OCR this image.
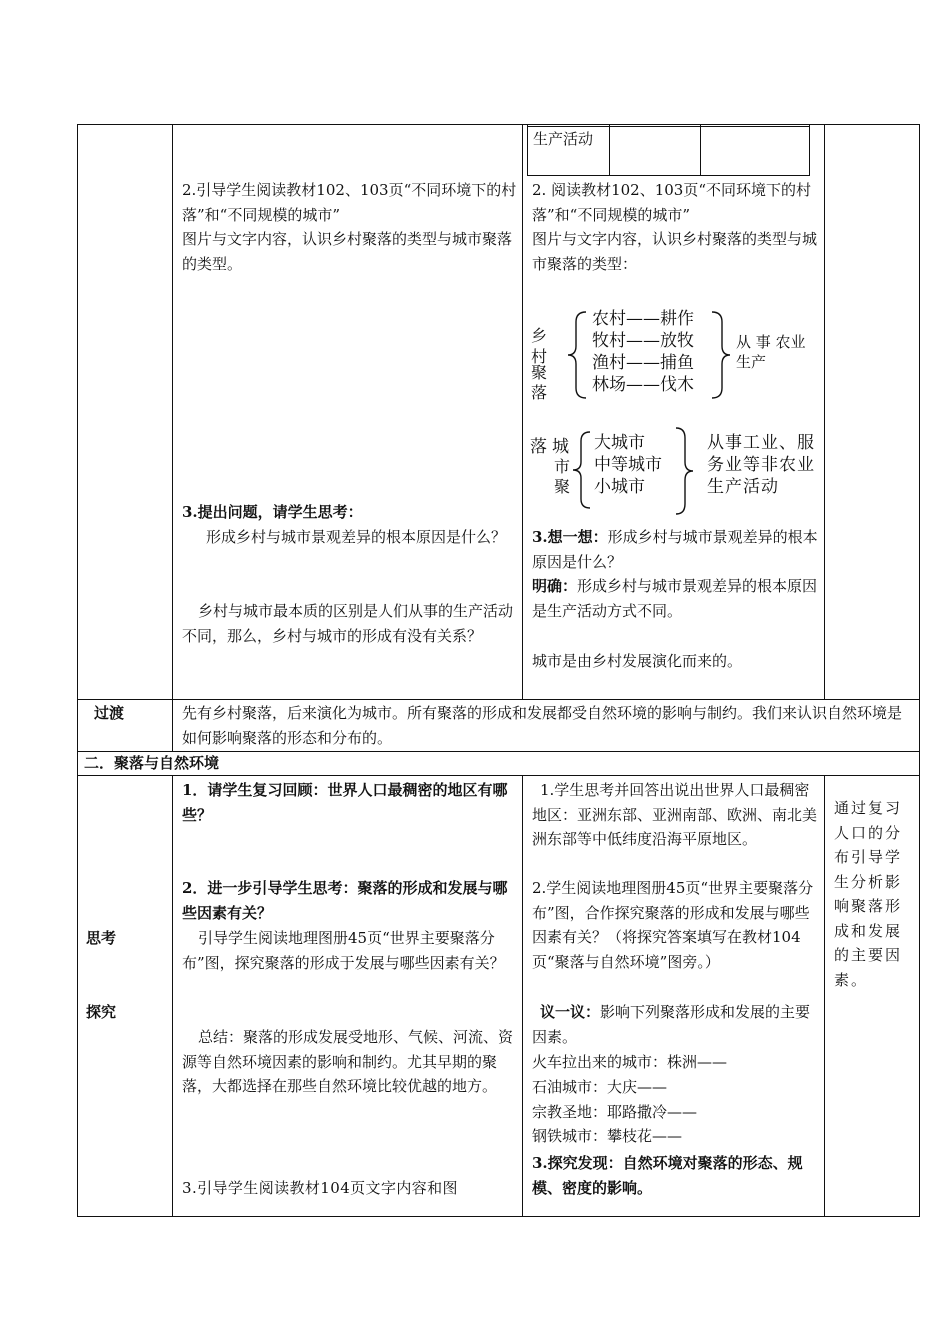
生产活动
2.引导学生阅读教材102、103页“不同环境下的村落”和“不同规模的城市”
图片与文字内容，认识乡村聚落的类型与城市聚落的类型。
3.提出问题，请学生思考：
形成乡村与城市景观差异的根本原因是什么？
乡村与城市最本质的区别是人们从事的生产活动不同，那么，乡村与城市的形成有没有关系？
2. 阅读教材102、103页“不同环境下的村落”和“不同规模的城市”
图片与文字内容，认识乡村聚落的类型与城市聚落的类型：
乡
村
聚
落
农村——耕作
牧村——放牧
渔村——捕鱼
林场——伐木
从 事 农业生产
落 城
市
聚
大城市
中等城市
小城市
从事工业、服务业等非农业生产活动
3.想一想：形成乡村与城市景观差异的根本原因是什么？
明确：形成乡村与城市景观差异的根本原因是生产活动方式不同。
城市是由乡村发展演化而来的。
过渡	先有乡村聚落，后来演化为城市。所有聚落的形成和发展都受自然环境的影响与制约。我们来认识自然环境是如何影响聚落的形态和分布的。
二．聚落与自然环境
思考
探究
1．请学生复习回顾：世界人口最稠密的地区有哪些？
2．进一步引导学生思考：聚落的形成和发展与哪些因素有关？
引导学生阅读地理图册45页“世界主要聚落分布”图，探究聚落的形成于发展与哪些因素有关？
总结：聚落的形成发展受地形、气候、河流、资源等自然环境因素的影响和制约。尤其早期的聚落，大都选择在那些自然环境比较优越的地方。
3.引导学生阅读教材104页文字内容和图
1.学生思考并回答出说出世界人口最稠密地区：亚洲东部、亚洲南部、欧洲、南北美洲东部等中低纬度沿海平原地区。
2.学生阅读地理图册45页“世界主要聚落分布”图，合作探究聚落的形成和发展与哪些因素有关？（将探究答案填写在教材104页“聚落与自然环境”图旁。）
议一议：影响下列聚落形成和发展的主要因素。
火车拉出来的城市：株洲——
石油城市：大庆——
宗教圣地：耶路撒冷——
钢铁城市：攀枝花——
3.探究发现：自然环境对聚落的形态、规模、密度的影响。
通过复习人口的分布引导学生分析影响聚落形成和发展的主要因素。
